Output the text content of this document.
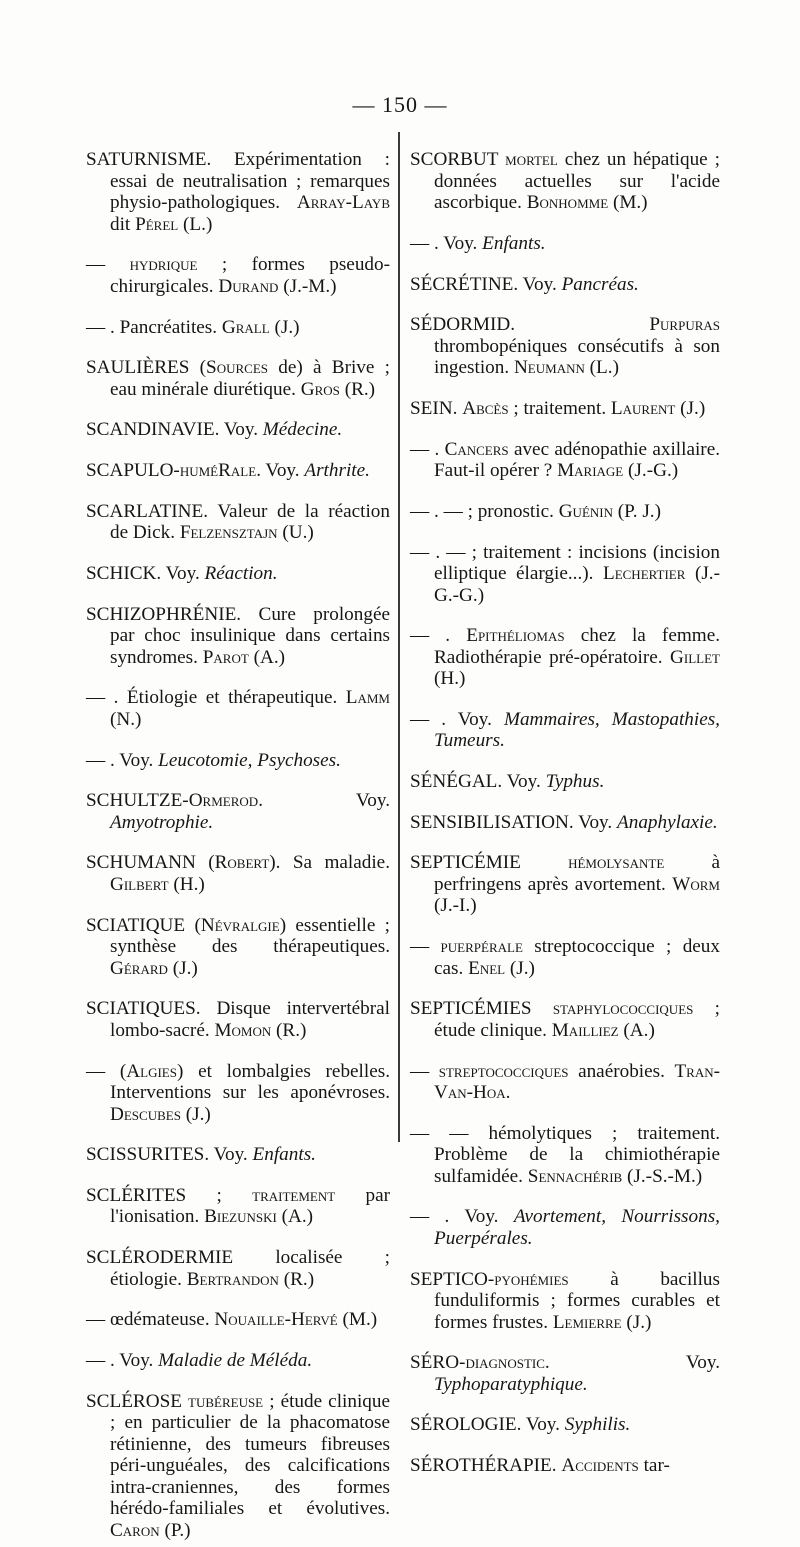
— 150 —

SATURNISME. Expérimentation : essai de neutralisation ; remarques physio-pathologiques. Array-Layb dit Pérel (L.)

— hydrique ; formes pseudo-chirurgicales. Durand (J.-M.)

— . Pancréatites. Grall (J.)

SAULIÈRES (Sources de) à Brive ; eau minérale diurétique. Gros (R.)

SCANDINAVIE. Voy. Médecine.

SCAPULO-huméRale. Voy. Arthrite.

SCARLATINE. Valeur de la réaction de Dick. Felzensztajn (U.)

SCHICK. Voy. Réaction.

SCHIZOPHRÉNIE. Cure prolongée par choc insulinique dans certains syndromes. Parot (A.)

— . Étiologie et thérapeutique. Lamm (N.)

— . Voy. Leucotomie, Psychoses.

SCHULTZE-Ormerod. Voy. Amyotrophie.

SCHUMANN (Robert). Sa maladie. Gilbert (H.)

SCIATIQUE (Névralgie) essentielle ; synthèse des thérapeutiques. Gérard (J.)

SCIATIQUES. Disque intervertébral lombo-sacré. Momon (R.)

— (Algies) et lombalgies rebelles. Interventions sur les aponévroses. Descubes (J.)

SCISSURITES. Voy. Enfants.

SCLÉRITES ; traitement par l'ionisation. Biezunski (A.)

SCLÉRODERMIE localisée ; étiologie. Bertrandon (R.)

— œdémateuse. Nouaille-Hervé (M.)

— . Voy. Maladie de Méléda.

SCLÉROSE tubéreuse ; étude clinique ; en particulier de la phacomatose rétinienne, des tumeurs fibreuses péri-unguéales, des calcifications intra-craniennes, des formes hérédo-familiales et évolutives. Caron (P.)

SCORBUT mortel chez un hépatique ; données actuelles sur l'acide ascorbique. Bonhomme (M.)

— . Voy. Enfants.

SÉCRÉTINE. Voy. Pancréas.

SÉDORMID. Purpuras thrombopéniques consécutifs à son ingestion. Neumann (L.)

SEIN. Abcès ; traitement. Laurent (J.)

— . Cancers avec adénopathie axillaire. Faut-il opérer ? Mariage (J.-G.)

— . — ; pronostic. Guénin (P. J.)

— . — ; traitement : incisions (incision elliptique élargie...). Lechertier (J.-G.-G.)

— . Epithéliomas chez la femme. Radiothérapie pré-opératoire. Gillet (H.)

— . Voy. Mammaires, Mastopathies, Tumeurs.

SÉNÉGAL. Voy. Typhus.

SENSIBILISATION. Voy. Anaphylaxie.

SEPTICÉMIE hémolysante à perfringens après avortement. Worm (J.-I.)

— puerpérale streptococcique ; deux cas. Enel (J.)

SEPTICÉMIES staphylococciques ; étude clinique. Mailliez (A.)

— streptococciques anaérobies. Tran-Van-Hoa.

— — hémolytiques ; traitement. Problème de la chimiothérapie sulfamidée. Sennachérib (J.-S.-M.)

— . Voy. Avortement, Nourrissons, Puerpérales.

SEPTICO-pyohémies à bacillus funduliformis ; formes curables et formes frustes. Lemierre (J.)

SÉRO-diagnostic. Voy. Typhoparatyphique.

SÉROLOGIE. Voy. Syphilis.

SÉROTHÉRAPIE. Accidents tar-
